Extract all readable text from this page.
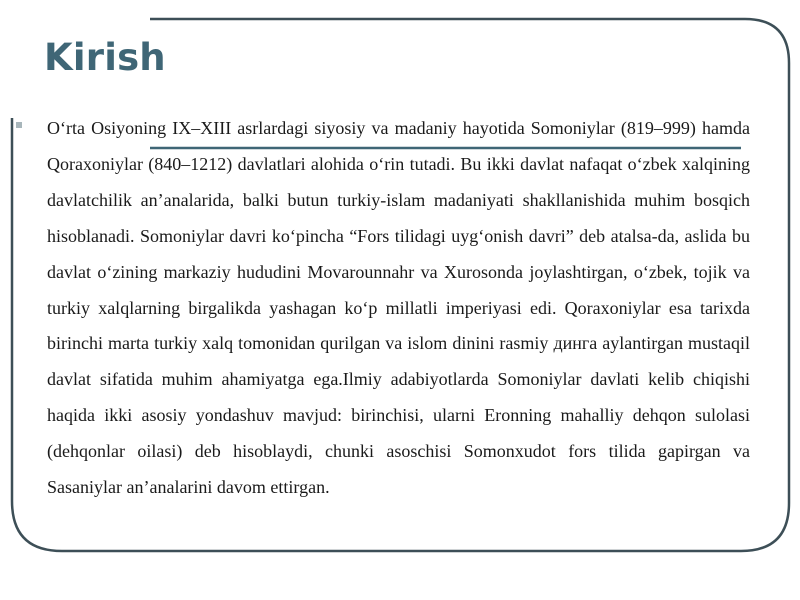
Kirish

O‘rta Osiyoning IX–XIII asrlardagi siyosiy va madaniy hayotida Somoniylar (819–999) hamda Qoraxoniylar (840–1212) davlatlari alohida o‘rin tutadi. Bu ikki davlat nafaqat o‘zbek xalqining davlatchilik an’analarida, balki butun turkiy-islam madaniyati shakllanishida muhim bosqich hisoblanadi. Somoniylar davri ko‘pincha “Fors tilidagi uyg‘onish davri” deb atalsa-da, aslida bu davlat o‘zining markaziy hududini Movarounnahr va Xurosonda joylashtirgan, o‘zbek, tojik va turkiy xalqlarning birgalikda yashagan ko‘p millatli imperiyasi edi. Qoraxoniylar esa tarixda birinchi marta turkiy xalq tomonidan qurilgan va islom dinini rasmiy динга aylantirgan mustaqil davlat sifatida muhim ahamiyatga ega.Ilmiy adabiyotlarda Somoniylar davlati kelib chiqishi haqida ikki asosiy yondashuv mavjud: birinchisi, ularni Eronning mahalliy dehqon sulolasi (dehqonlar oilasi) deb hisoblaydi, chunki asoschisi Somonxudot fors tilida gapirgan va Sasaniylar an’analarini davom ettirgan.
